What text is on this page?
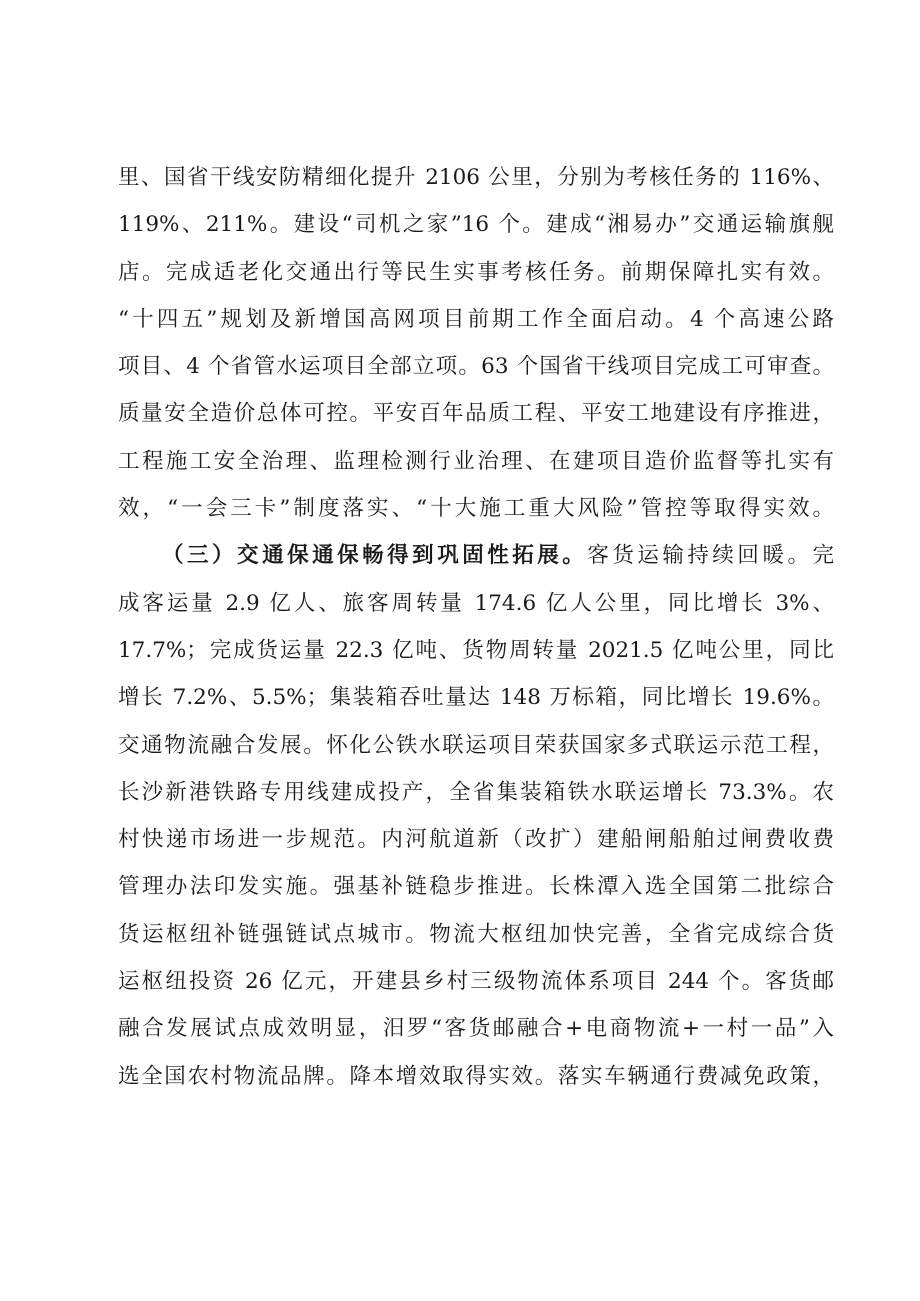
里、国省干线安防精细化提升 2106 公里，分别为考核任务的 116%、
119%、211%。建设“司机之家”16 个。建成“湘易办”交通运输旗舰
店。完成适老化交通出行等民生实事考核任务。前期保障扎实有效。
“十四五”规划及新增国高网项目前期工作全面启动。4 个高速公路
项目、4 个省管水运项目全部立项。63 个国省干线项目完成工可审查。
质量安全造价总体可控。平安百年品质工程、平安工地建设有序推进，
工程施工安全治理、监理检测行业治理、在建项目造价监督等扎实有
效，“一会三卡”制度落实、“十大施工重大风险”管控等取得实效。
（三）交通保通保畅得到巩固性拓展。客货运输持续回暖。完
成客运量 2.9 亿人、旅客周转量 174.6 亿人公里，同比增长 3%、
17.7%；完成货运量 22.3 亿吨、货物周转量 2021.5 亿吨公里，同比
增长 7.2%、5.5%；集装箱吞吐量达 148 万标箱，同比增长 19.6%。
交通物流融合发展。怀化公铁水联运项目荣获国家多式联运示范工程，
长沙新港铁路专用线建成投产，全省集装箱铁水联运增长 73.3%。农
村快递市场进一步规范。内河航道新（改扩）建船闸船舶过闸费收费
管理办法印发实施。强基补链稳步推进。长株潭入选全国第二批综合
货运枢纽补链强链试点城市。物流大枢纽加快完善，全省完成综合货
运枢纽投资 26 亿元，开建县乡村三级物流体系项目 244 个。客货邮
融合发展试点成效明显，汨罗“客货邮融合+电商物流+一村一品”入
选全国农村物流品牌。降本增效取得实效。落实车辆通行费减免政策，
